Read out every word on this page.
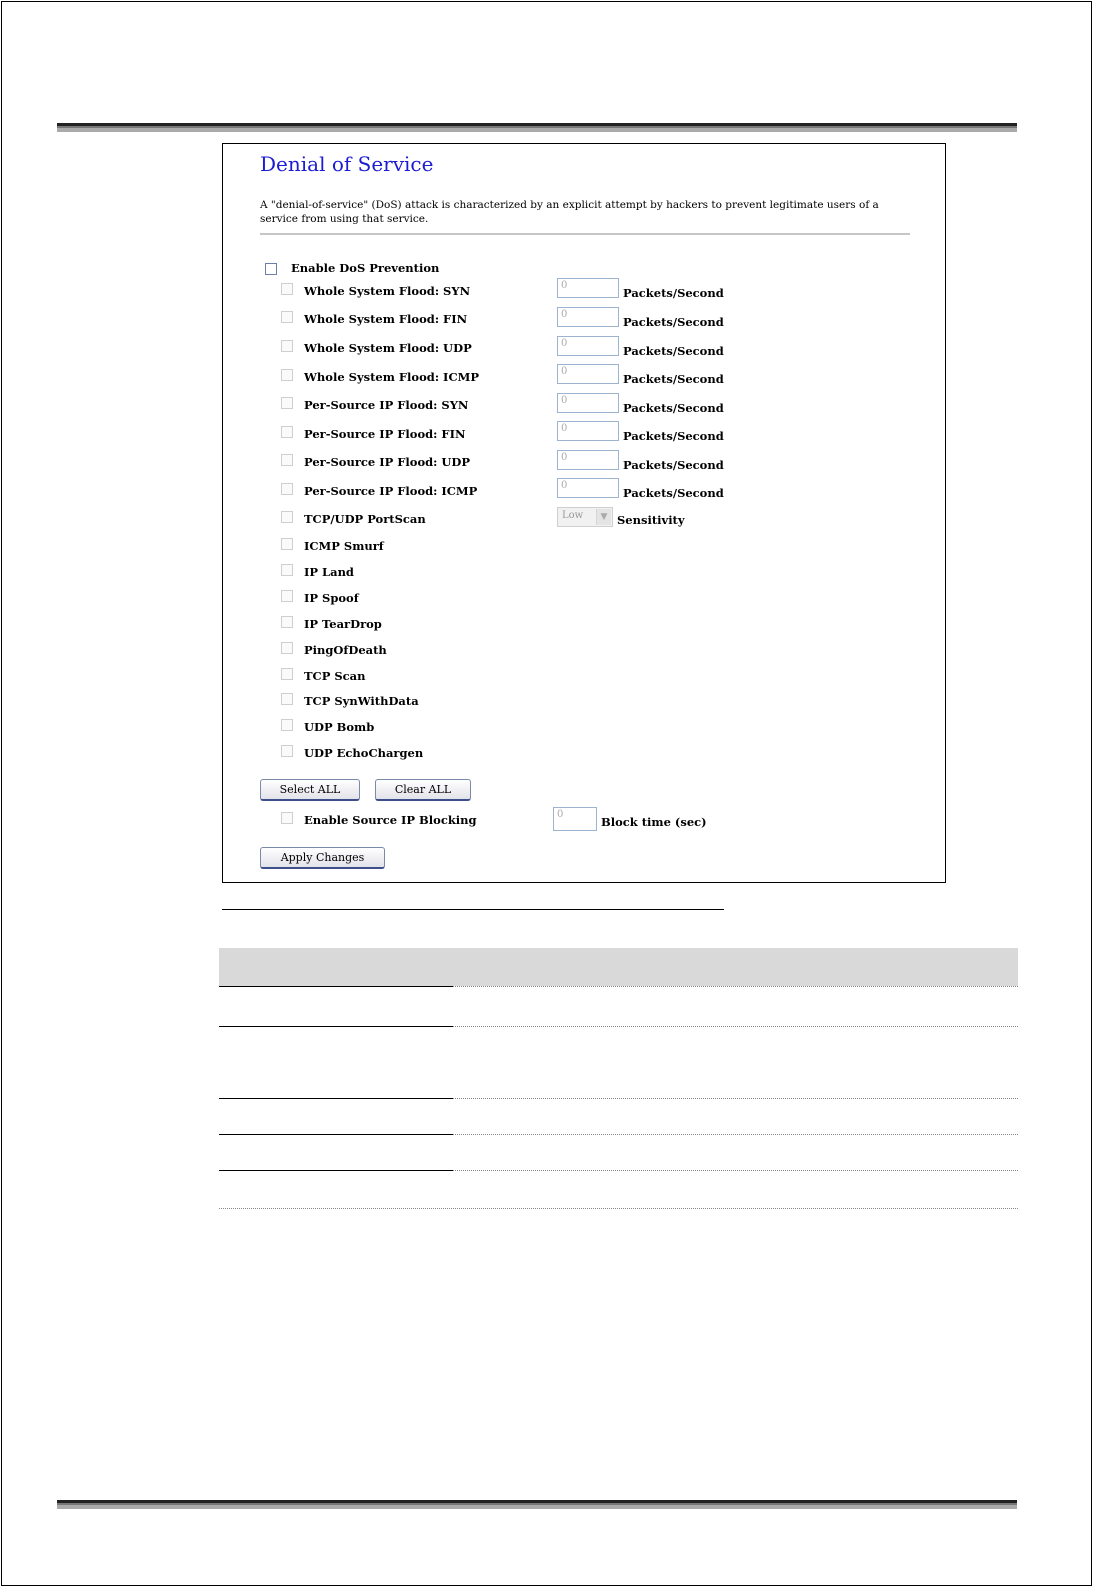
Denial of Service

A "denial-of-service" (DoS) attack is characterized by an explicit attempt by hackers to prevent legitimate users of a service from using that service.

Enable DoS Prevention
Whole System Flood: SYN	0
Packets/Second
Whole System Flood: FIN	0
Packets/Second
Whole System Flood: UDP	0
Packets/Second
Whole System Flood: ICMP	0
Packets/Second
Per-Source IP Flood: SYN	0
Packets/Second
Per-Source IP Flood: FIN	0
Packets/Second
Per-Source IP Flood: UDP	0
Packets/Second
Per-Source IP Flood: ICMP	0
Packets/Second
TCP/UDP PortScan	Low	▼ Sensitivity
ICMP Smurf
IP Land
IP Spoof
IP TearDrop
PingOfDeath
TCP Scan
TCP SynWithData
UDP Bomb
UDP EchoChargen
Select ALL	Clear ALL
Enable Source IP Blocking	0
Block time (sec)
Apply Changes
